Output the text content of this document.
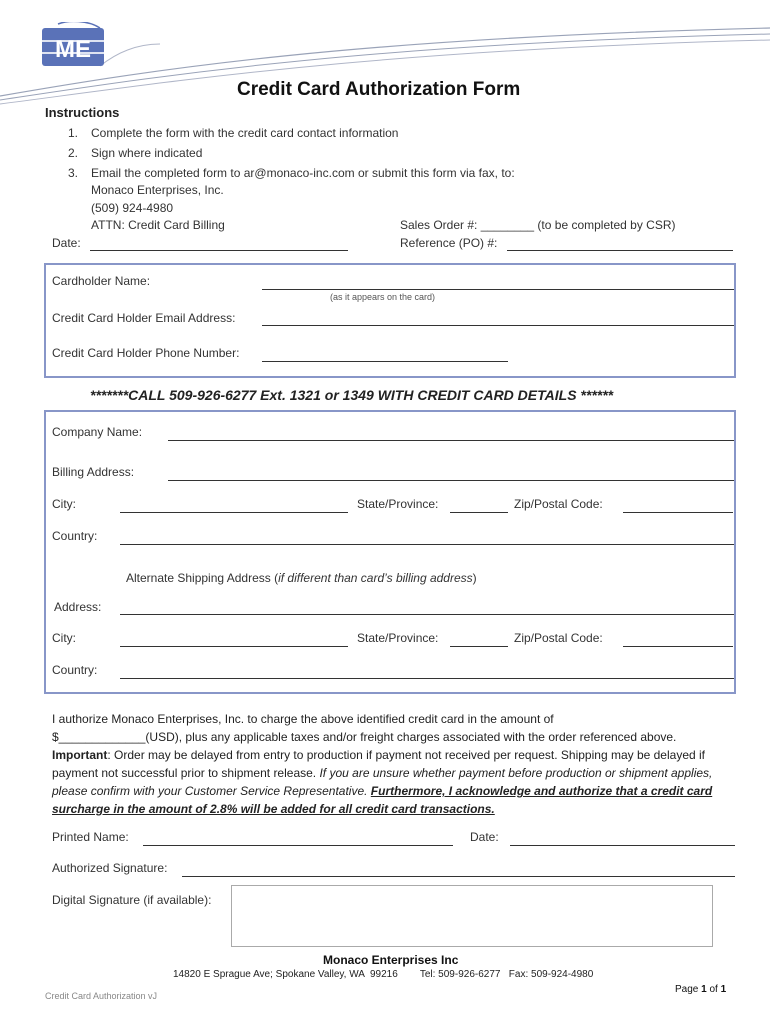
ME
Credit Card Authorization Form
Instructions
1. Complete the form with the credit card contact information
2. Sign where indicated
3. Email the completed form to ar@monaco-inc.com or submit this form via fax, to:
Monaco Enterprises, Inc.
(509) 924-4980
ATTN: Credit Card Billing
Date:
Sales Order #: ________ (to be completed by CSR)
Reference (PO) #:
Cardholder Name:
(as it appears on the card)
Credit Card Holder Email Address:
Credit Card Holder Phone Number:
*******CALL 509-926-6277 Ext. 1321 or 1349 WITH CREDIT CARD DETAILS ******
Company Name:
Billing Address:
City:	State/Province:	Zip/Postal Code:
Country:
Alternate Shipping Address (if different than card’s billing address)
Address:
City:	State/Province:	Zip/Postal Code:
Country:
I authorize Monaco Enterprises, Inc. to charge the above identified credit card in the amount of
$_____________(USD), plus any applicable taxes and/or freight charges associated with the order referenced above.
Important: Order may be delayed from entry to production if payment not received per request. Shipping may be delayed if payment not successful prior to shipment release. If you are unsure whether payment before production or shipment applies, please confirm with your Customer Service Representative. Furthermore, I acknowledge and authorize that a credit card surcharge in the amount of 2.8% will be added for all credit card transactions.
Printed Name:	Date:
Authorized Signature:
Digital Signature (if available):
Monaco Enterprises Inc
14820 E Sprague Ave; Spokane Valley, WA  99216        Tel: 509-926-6277   Fax: 509-924-4980
Credit Card Authorization vJ
Page 1 of 1
